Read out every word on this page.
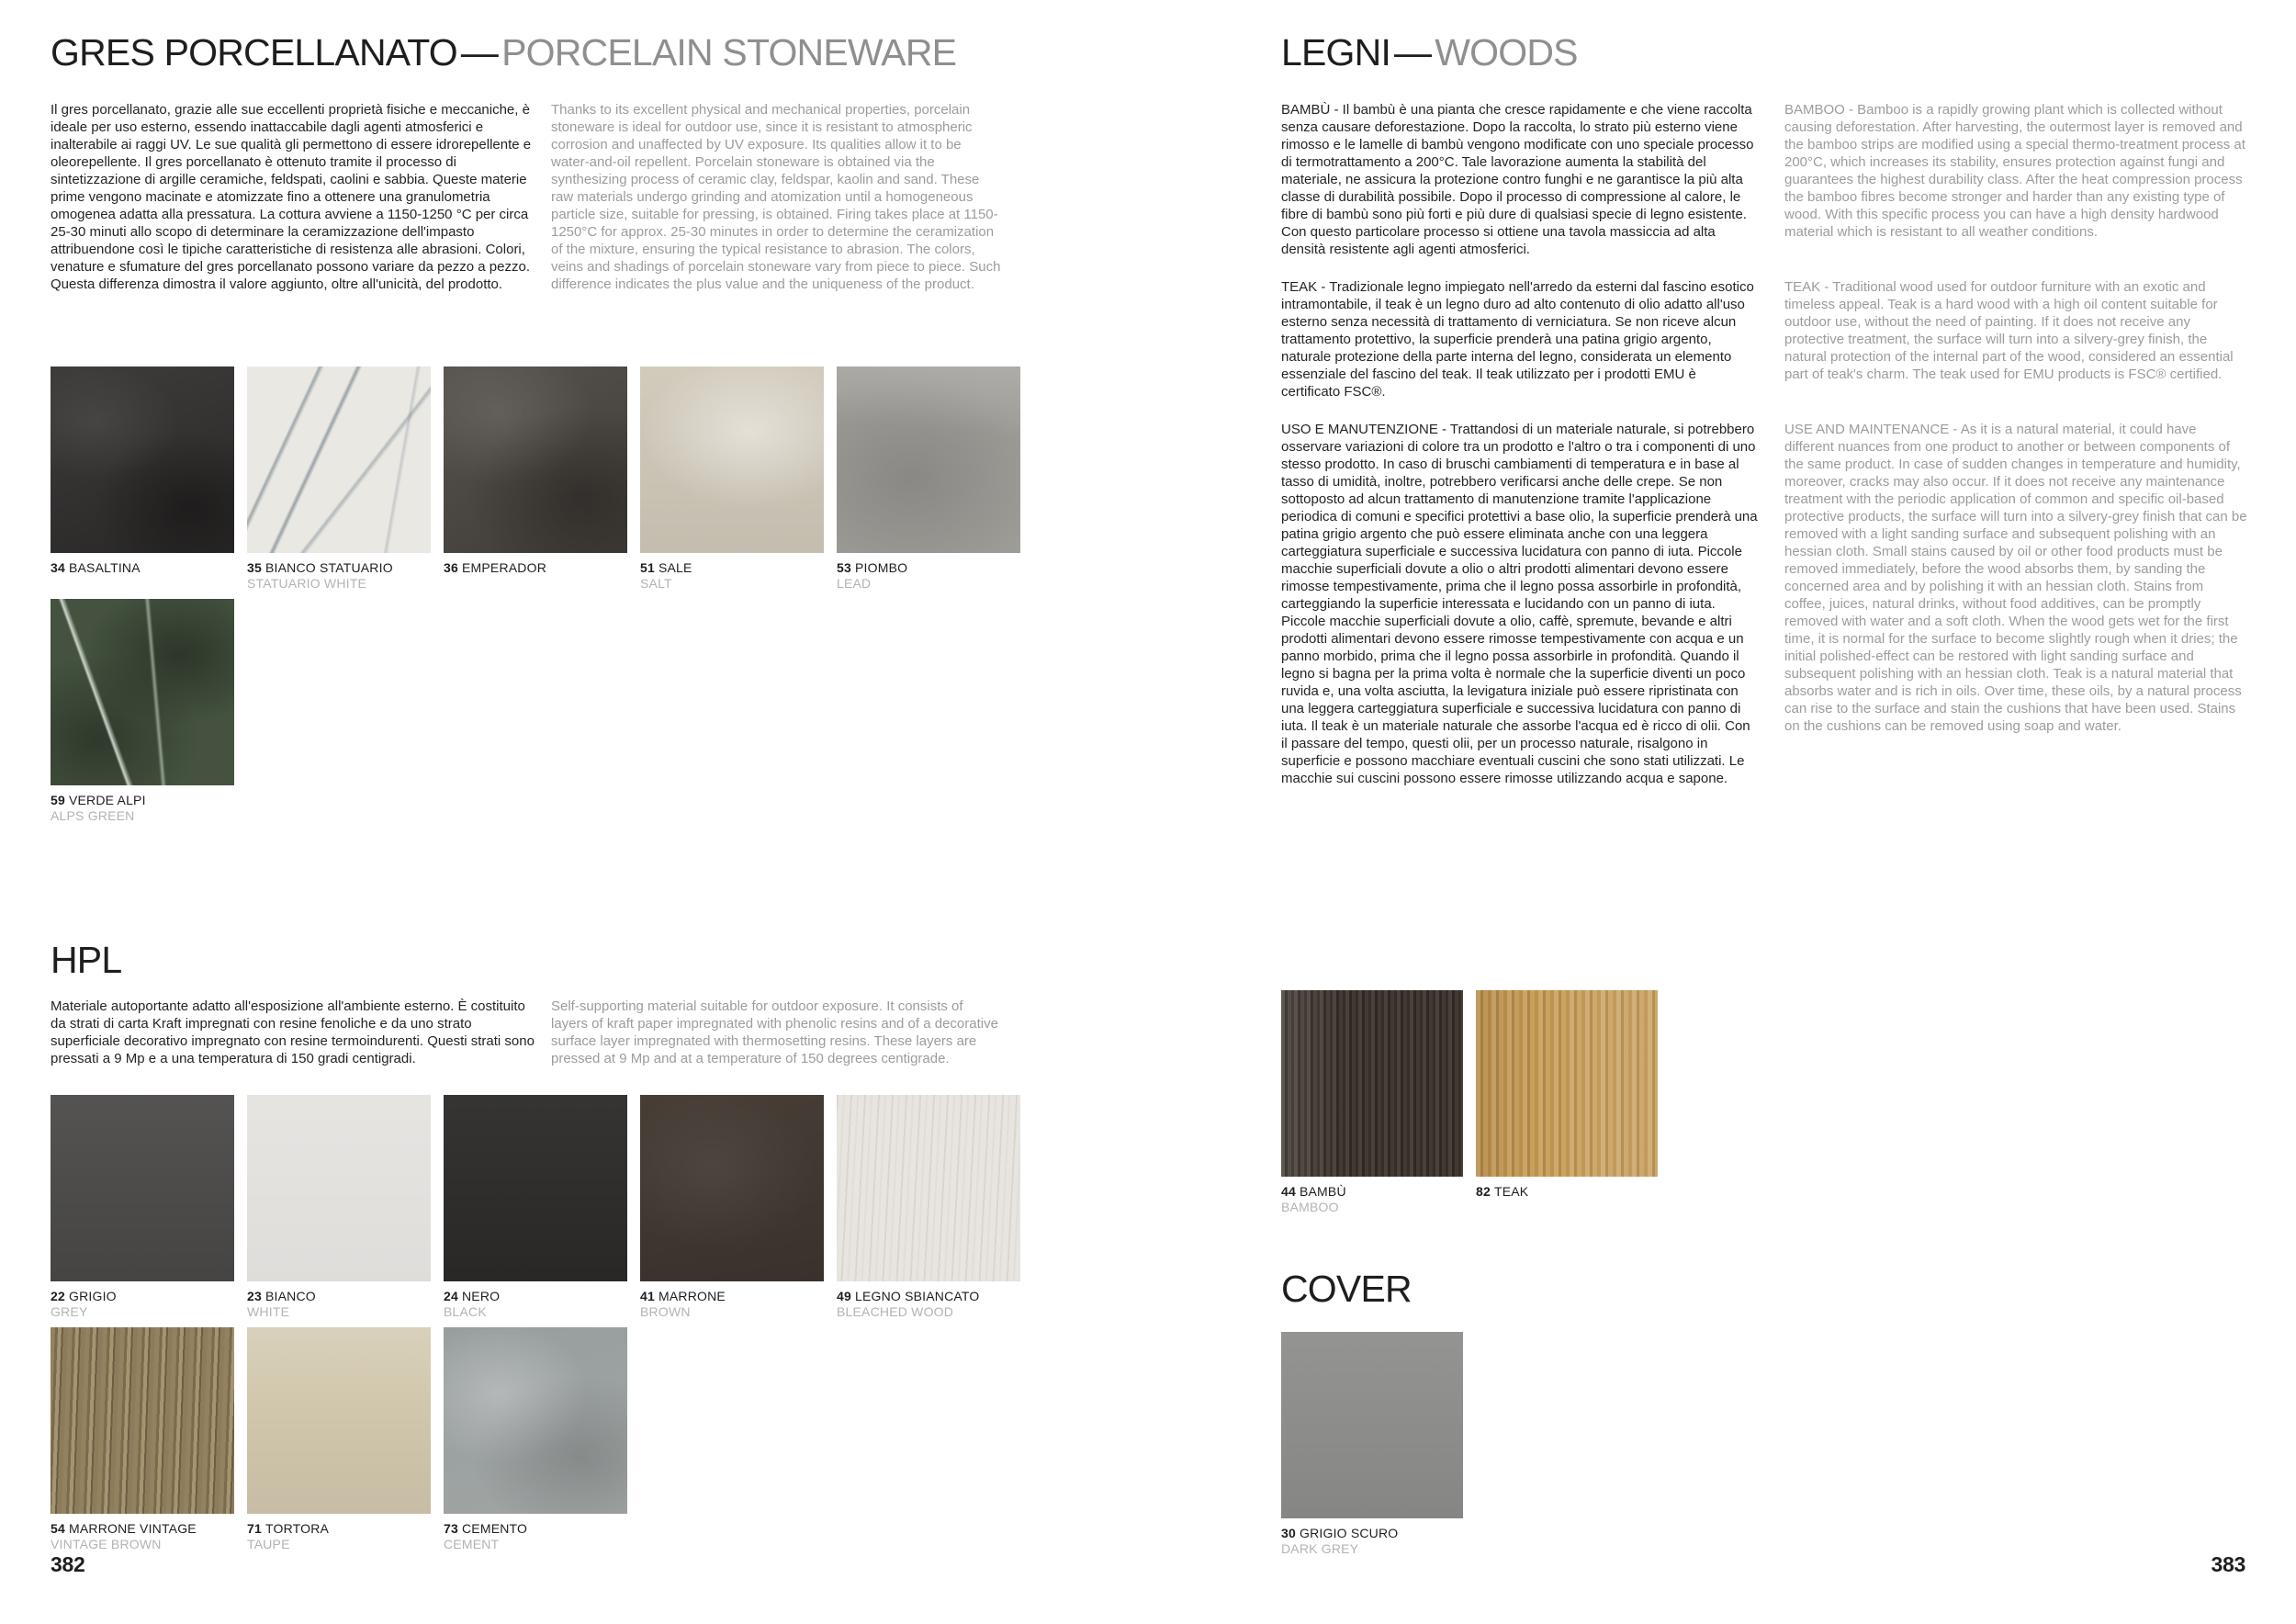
GRES PORCELLANATO—PORCELAIN STONEWARE

Il gres porcellanato, grazie alle sue eccellenti proprietà fisiche e meccaniche, è ideale per uso esterno, essendo inattaccabile dagli agenti atmosferici e inalterabile ai raggi UV. Le sue qualità gli permettono di essere idrorepellente e oleorepellente. Il gres porcellanato è ottenuto tramite il processo di sintetizzazione di argille ceramiche, feldspati, caolini e sabbia. Queste materie prime vengono macinate e atomizzate fino a ottenere una granulometria omogenea adatta alla pressatura. La cottura avviene a 1150-1250 °C per circa 25-30 minuti allo scopo di determinare la ceramizzazione dell'impasto attribuendone così le tipiche caratteristiche di resistenza alle abrasioni. Colori, venature e sfumature del gres porcellanato possono variare da pezzo a pezzo. Questa differenza dimostra il valore aggiunto, oltre all'unicità, del prodotto.

Thanks to its excellent physical and mechanical properties, porcelain stoneware is ideal for outdoor use, since it is resistant to atmospheric corrosion and unaffected by UV exposure. Its qualities allow it to be water-and-oil repellent. Porcelain stoneware is obtained via the synthesizing process of ceramic clay, feldspar, kaolin and sand. These raw materials undergo grinding and atomization until a homogeneous particle size, suitable for pressing, is obtained. Firing takes place at 1150-1250°C for approx. 25-30 minutes in order to determine the ceramization of the mixture, ensuring the typical resistance to abrasion. The colors, veins and shadings of porcelain stoneware vary from piece to piece. Such difference indicates the plus value and the uniqueness of the product.

34 BASALTINA	35 BIANCO STATUARIO
STATUARIO WHITE
36 EMPERADOR	51 SALE
SALT
53 PIOMBO
LEAD
59 VERDE ALPI
ALPS GREEN
HPL

Materiale autoportante adatto all'esposizione all'ambiente esterno. È costituito da strati di carta Kraft impregnati con resine fenoliche e da uno strato superficiale decorativo impregnato con resine termoindurenti. Questi strati sono pressati a 9 Mp e a una temperatura di 150 gradi centigradi.

Self-supporting material suitable for outdoor exposure. It consists of layers of kraft paper impregnated with phenolic resins and of a decorative surface layer impregnated with thermosetting resins. These layers are pressed at 9 Mp and at a temperature of 150 degrees centigrade.

22 GRIGIO
GREY
23 BIANCO
WHITE
24 NERO
BLACK
41 MARRONE
BROWN
49 LEGNO SBIANCATO
BLEACHED WOOD
54 MARRONE VINTAGE
VINTAGE BROWN
71 TORTORA
TAUPE
73 CEMENTO
CEMENT
382
LEGNI—WOODS

BAMBÙ - Il bambù è una pianta che cresce rapidamente e che viene raccolta senza causare deforestazione. Dopo la raccolta, lo strato più esterno viene rimosso e le lamelle di bambù vengono modificate con uno speciale processo di termotrattamento a 200°C. Tale lavorazione aumenta la stabilità del materiale, ne assicura la protezione contro funghi e ne garantisce la più alta classe di durabilità possibile. Dopo il processo di compressione al calore, le fibre di bambù sono più forti e più dure di qualsiasi specie di legno esistente. Con questo particolare processo si ottiene una tavola massiccia ad alta densità resistente agli agenti atmosferici.

BAMBOO - Bamboo is a rapidly growing plant which is collected without causing deforestation. After harvesting, the outermost layer is removed and the bamboo strips are modified using a special thermo-treatment process at 200°C, which increases its stability, ensures protection against fungi and guarantees the highest durability class. After the heat compression process the bamboo fibres become stronger and harder than any existing type of wood. With this specific process you can have a high density hardwood material which is resistant to all weather conditions.

TEAK - Tradizionale legno impiegato nell'arredo da esterni dal fascino esotico intramontabile, il teak è un legno duro ad alto contenuto di olio adatto all'uso esterno senza necessità di trattamento di verniciatura. Se non riceve alcun trattamento protettivo, la superficie prenderà una patina grigio argento, naturale protezione della parte interna del legno, considerata un elemento essenziale del fascino del teak. Il teak utilizzato per i prodotti EMU è certificato FSC®.

TEAK - Traditional wood used for outdoor furniture with an exotic and timeless appeal. Teak is a hard wood with a high oil content suitable for outdoor use, without the need of painting. If it does not receive any protective treatment, the surface will turn into a silvery-grey finish, the natural protection of the internal part of the wood, considered an essential part of teak's charm. The teak used for EMU products is FSC® certified.

USO E MANUTENZIONE - Trattandosi di un materiale naturale, si potrebbero osservare variazioni di colore tra un prodotto e l'altro o tra i componenti di uno stesso prodotto. In caso di bruschi cambiamenti di temperatura e in base al tasso di umidità, inoltre, potrebbero verificarsi anche delle crepe. Se non sottoposto ad alcun trattamento di manutenzione tramite l'applicazione periodica di comuni e specifici protettivi a base olio, la superficie prenderà una patina grigio argento che può essere eliminata anche con una leggera carteggiatura superficiale e successiva lucidatura con panno di iuta. Piccole macchie superficiali dovute a olio o altri prodotti alimentari devono essere rimosse tempestivamente, prima che il legno possa assorbirle in profondità, carteggiando la superficie interessata e lucidando con un panno di iuta. Piccole macchie superficiali dovute a olio, caffè, spremute, bevande e altri prodotti alimentari devono essere rimosse tempestivamente con acqua e un panno morbido, prima che il legno possa assorbirle in profondità. Quando il legno si bagna per la prima volta è normale che la superficie diventi un poco ruvida e, una volta asciutta, la levigatura iniziale può essere ripristinata con una leggera carteggiatura superficiale e successiva lucidatura con panno di iuta. Il teak è un materiale naturale che assorbe l'acqua ed è ricco di olii. Con il passare del tempo, questi olii, per un processo naturale, risalgono in superficie e possono macchiare eventuali cuscini che sono stati utilizzati. Le macchie sui cuscini possono essere rimosse utilizzando acqua e sapone.

USE AND MAINTENANCE - As it is a natural material, it could have different nuances from one product to another or between components of the same product. In case of sudden changes in temperature and humidity, moreover, cracks may also occur. If it does not receive any maintenance treatment with the periodic application of common and specific oil-based protective products, the surface will turn into a silvery-grey finish that can be removed with a light sanding surface and subsequent polishing with an hessian cloth. Small stains caused by oil or other food products must be removed immediately, before the wood absorbs them, by sanding the concerned area and by polishing it with an hessian cloth. Stains from coffee, juices, natural drinks, without food additives, can be promptly removed with water and a soft cloth. When the wood gets wet for the first time, it is normal for the surface to become slightly rough when it dries; the initial polished-effect can be restored with light sanding surface and subsequent polishing with an hessian cloth. Teak is a natural material that absorbs water and is rich in oils. Over time, these oils, by a natural process can rise to the surface and stain the cushions that have been used. Stains on the cushions can be removed using soap and water.

44 BAMBÙ
BAMBOO
82 TEAK
COVER
30 GRIGIO SCURO
DARK GREY
383
